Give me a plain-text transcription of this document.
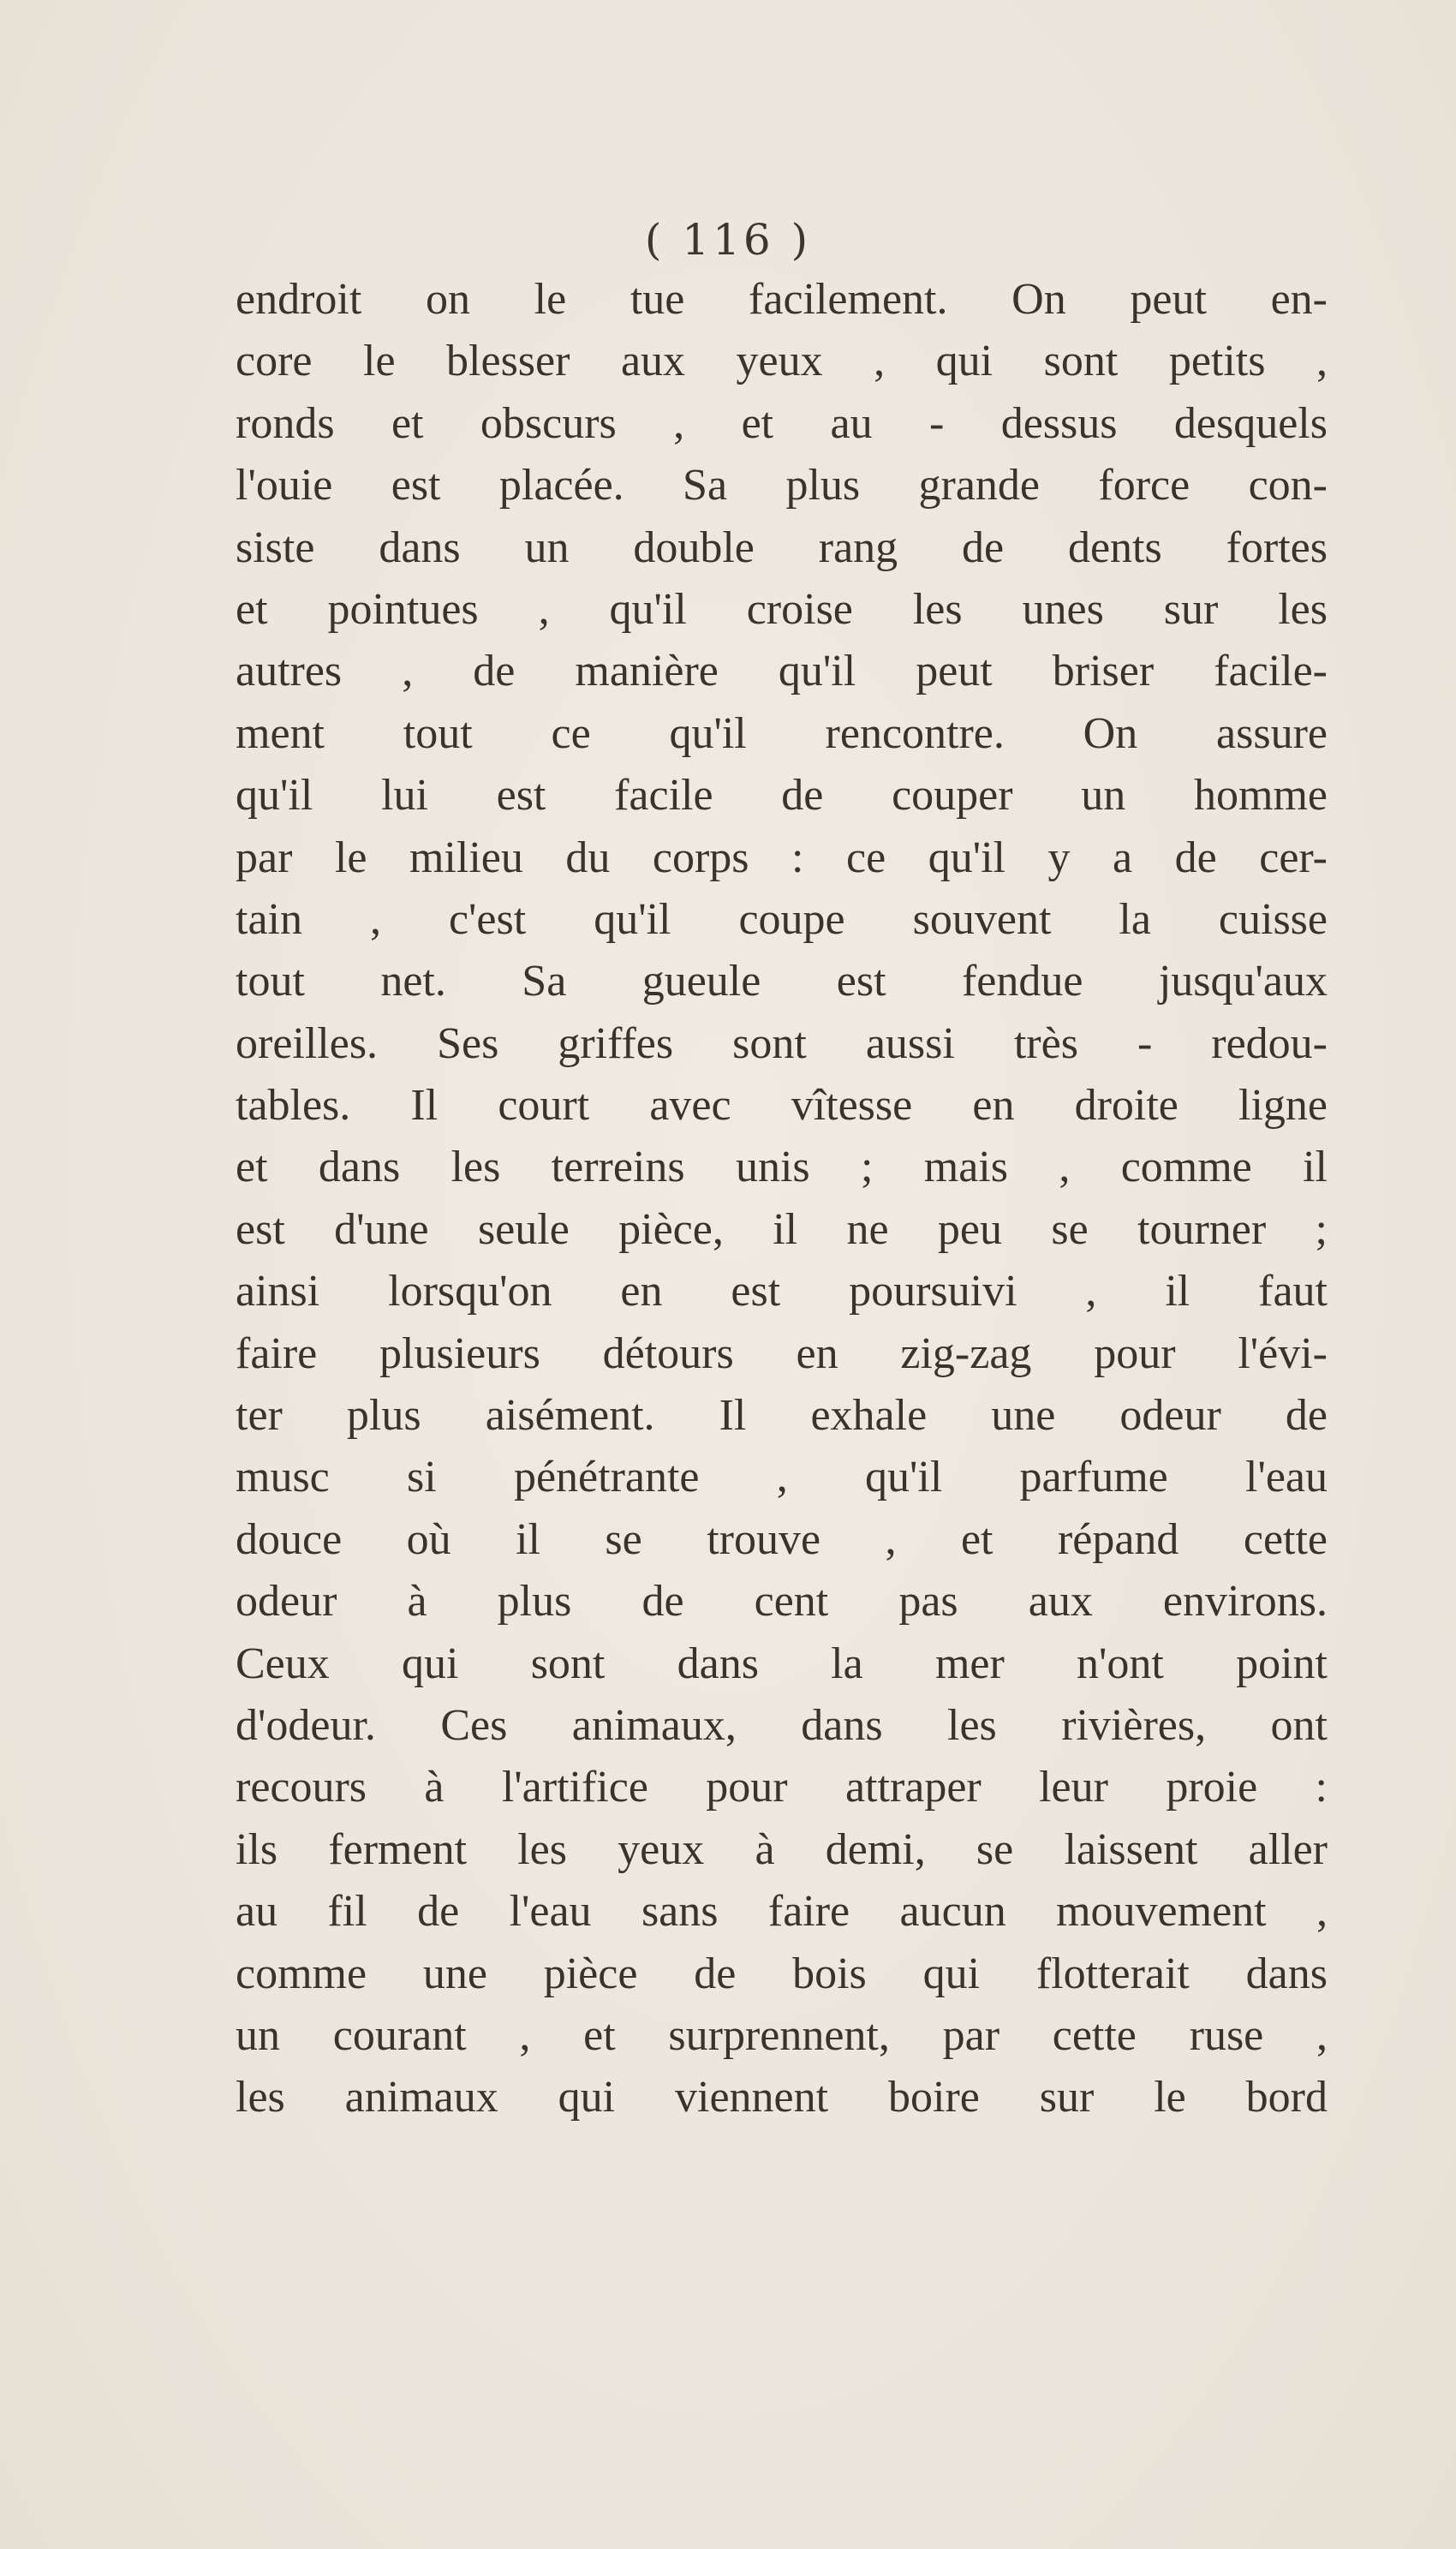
( 116 )
endroit on le tue facilement. On peut en-
core le blesser aux yeux , qui sont petits ,
ronds et obscurs , et au - dessus desquels
l'ouie est placée. Sa plus grande force con-
siste dans un double rang de dents fortes
et pointues , qu'il croise les unes sur les
autres , de manière qu'il peut briser facile-
ment tout ce qu'il rencontre. On assure
qu'il lui est facile de couper un homme
par le milieu du corps : ce qu'il y a de cer-
tain , c'est qu'il coupe souvent la cuisse
tout net. Sa gueule est fendue jusqu'aux
oreilles. Ses griffes sont aussi très - redou-
tables. Il court avec vîtesse en droite ligne
et dans les terreins unis ; mais , comme il
est d'une seule pièce, il ne peu se tourner ;
ainsi lorsqu'on en est poursuivi , il faut
faire plusieurs détours en zig-zag pour l'évi-
ter plus aisément. Il exhale une odeur de
musc si pénétrante , qu'il parfume l'eau
douce où il se trouve , et répand cette
odeur à plus de cent pas aux environs.
Ceux qui sont dans la mer n'ont point
d'odeur. Ces animaux, dans les rivières, ont
recours à l'artifice pour attraper leur proie :
ils ferment les yeux à demi, se laissent aller
au fil de l'eau sans faire aucun mouvement ,
comme une pièce de bois qui flotterait dans
un courant , et surprennent, par cette ruse ,
les animaux qui viennent boire sur le bord
